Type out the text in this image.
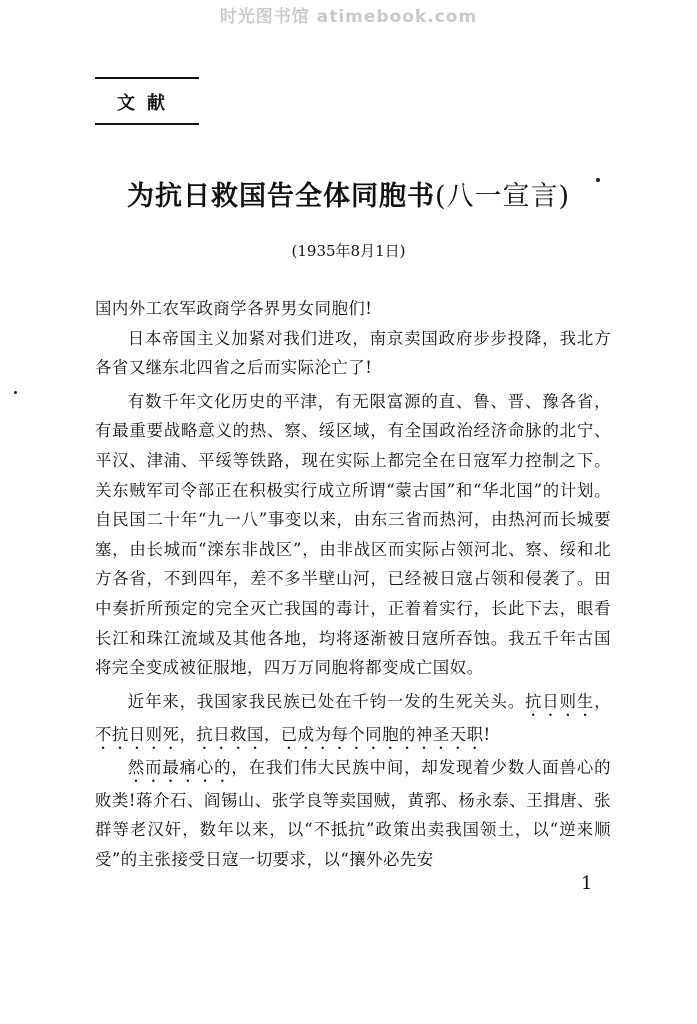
时光图书馆 atimebook.com
文献
为抗日救国告全体同胞书(八一宣言)
(1935年8月1日)

国内外工农军政商学各界男女同胞们!

日本帝国主义加紧对我们进攻，南京卖国政府步步投降，我北方各省又继东北四省之后而实际沦亡了!

有数千年文化历史的平津，有无限富源的直、鲁、晋、豫各省，有最重要战略意义的热、察、绥区域，有全国政治经济命脉的北宁、平汉、津浦、平绥等铁路，现在实际上都完全在日寇军力控制之下。关东贼军司令部正在积极实行成立所谓“蒙古国”和“华北国”的计划。自民国二十年“九一八”事变以来，由东三省而热河，由热河而长城要塞，由长城而“滦东非战区”，由非战区而实际占领河北、察、绥和北方各省，不到四年，差不多半壁山河，已经被日寇占领和侵袭了。田中奏折所预定的完全灭亡我国的毒计，正着着实行，长此下去，眼看长江和珠江流域及其他各地，均将逐渐被日寇所吞蚀。我五千年古国将完全变成被征服地，四万万同胞将都变成亡国奴。

近年来，我国家我民族已处在千钧一发的生死关头。抗日则生，不抗日则死，抗日救国，已成为每个同胞的神圣天职!

然而最痛心的，在我们伟大民族中间，却发现着少数人面兽心的败类!蒋介石、阎锡山、张学良等卖国贼，黄郛、杨永泰、王揖唐、张群等老汉奸，数年以来，以“不抵抗”政策出卖我国领土，以“逆来顺受”的主张接受日寇一切要求，以“攘外必先安

1
